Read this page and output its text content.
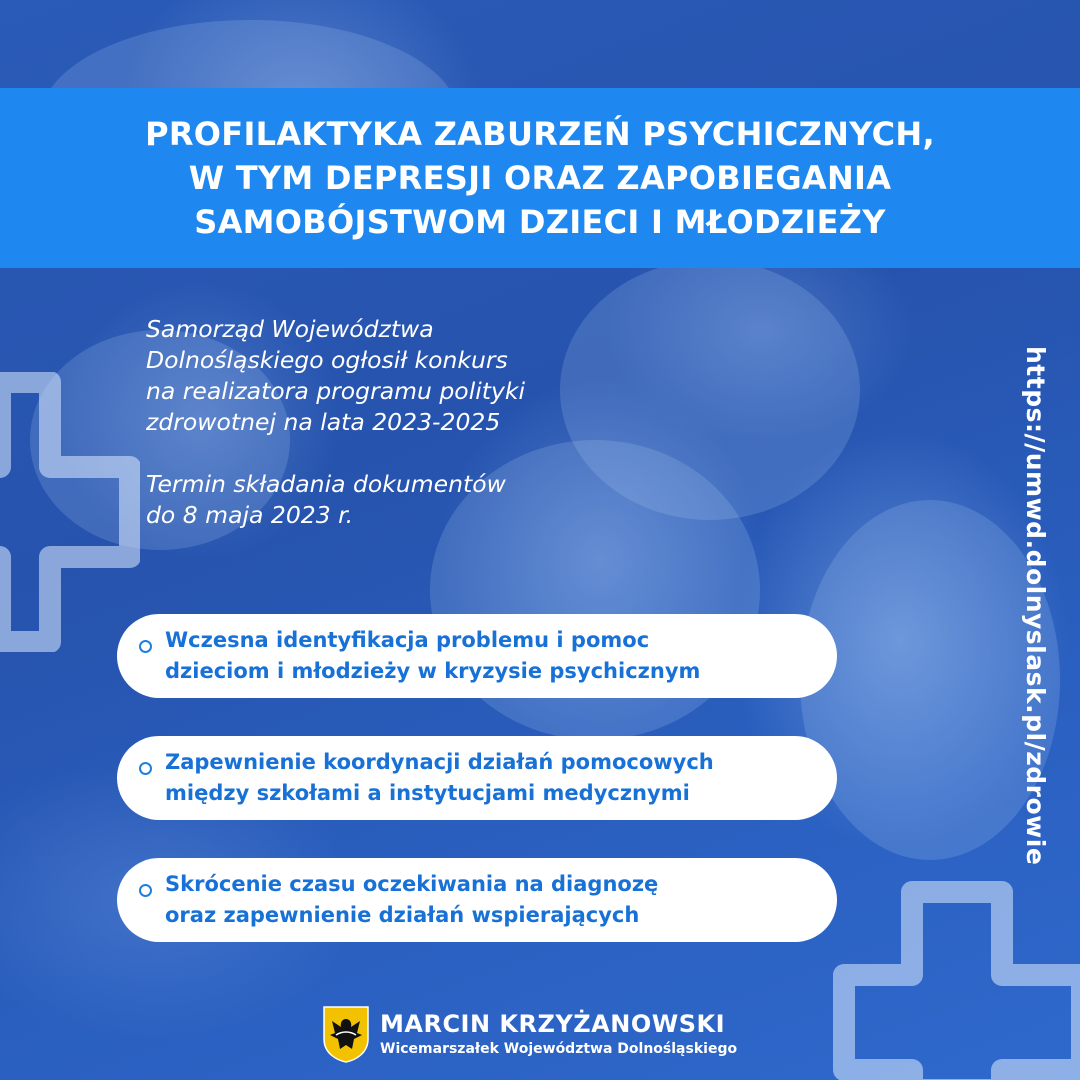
PROFILAKTYKA ZABURZEŃ PSYCHICZNYCH,
W TYM DEPRESJI ORAZ ZAPOBIEGANIA
SAMOBÓJSTWOM DZIECI I MŁODZIEŻY
Samorząd Województwa
Dolnośląskiego ogłosił konkurs
na realizatora programu polityki
zdrowotnej na lata 2023-2025
Termin składania dokumentów
do 8 maja 2023 r.
Wczesna identyfikacja problemu i pomoc
dzieciom i młodzieży w kryzysie psychicznym
Zapewnienie koordynacji działań pomocowych
między szkołami a instytucjami medycznymi
Skrócenie czasu oczekiwania na diagnozę
oraz zapewnienie działań wspierających
https://umwd.dolnyslask.pl/zdrowie
MARCIN KRZYŻANOWSKI
Wicemarszałek Województwa Dolnośląskiego
